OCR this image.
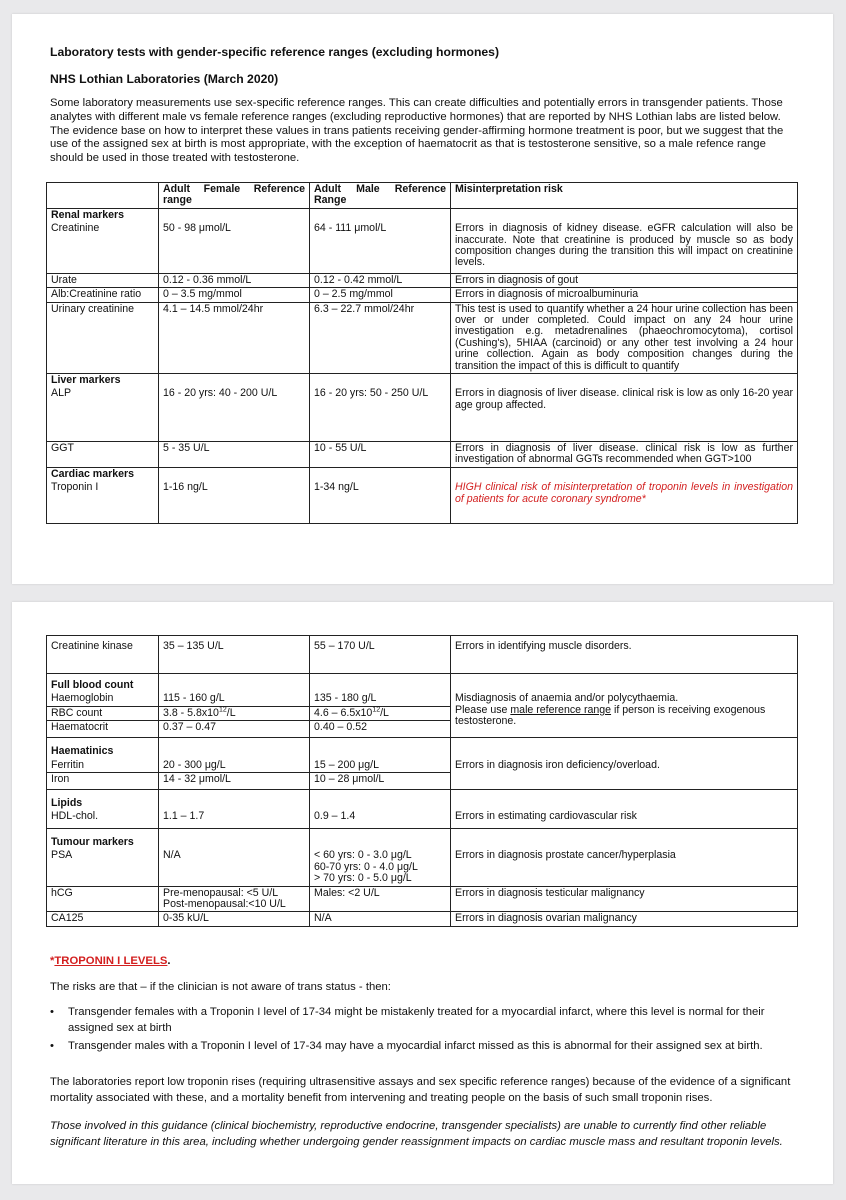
Laboratory tests with gender-specific reference ranges (excluding hormones)
NHS Lothian Laboratories (March 2020)
Some laboratory measurements use sex-specific reference ranges. This can create difficulties and potentially errors in transgender patients. Those analytes with different male vs female reference ranges (excluding reproductive hormones) that are reported by NHS Lothian labs are listed below. The evidence base on how to interpret these values in trans patients receiving gender-affirming hormone treatment is poor, but we suggest that the use of the assigned sex at birth is most appropriate, with the exception of haematocrit as that is testosterone sensitive, so a male refence range should be used in those treated with testosterone.
	Adult Female Reference range	Adult Male Reference Range	Misinterpretation risk
Renal markers			
Creatinine	50 - 98 μmol/L	64 - 111 μmol/L	Errors in diagnosis of kidney disease. eGFR calculation will also be inaccurate. Note that creatinine is produced by muscle so as body composition changes during the transition this will impact on creatinine levels.
Urate	0.12 - 0.36 mmol/L	0.12 - 0.42 mmol/L	Errors in diagnosis of gout
Alb:Creatinine ratio	0 – 3.5 mg/mmol	0 – 2.5 mg/mmol	Errors in diagnosis of microalbuminuria
Urinary creatinine	4.1 – 14.5 mmol/24hr	6.3 – 22.7 mmol/24hr	This test is used to quantify whether a 24 hour urine collection has been over or under completed. Could impact on any 24 hour urine investigation e.g. metadrenalines (phaeochromocytoma), cortisol (Cushing's), 5HIAA (carcinoid) or any other test involving a 24 hour urine collection. Again as body composition changes during the transition the impact of this is difficult to quantify
Liver markers			
ALP	16 - 20 yrs: 40 - 200 U/L	16 - 20 yrs: 50 - 250 U/L	Errors in diagnosis of liver disease. clinical risk is low as only 16-20 year age group affected.
GGT	5 - 35 U/L	10 - 55 U/L	Errors in diagnosis of liver disease. clinical risk is low as further investigation of abnormal GGTs recommended when GGT>100
Cardiac markers			
Troponin I	1-16 ng/L	1-34 ng/L	HIGH clinical risk of misinterpretation of troponin levels in investigation of patients for acute coronary syndrome*
Creatinine kinase	35 – 135 U/L	55 – 170 U/L	Errors in identifying muscle disorders.
Full blood count			
Haemoglobin	115 - 160 g/L	135 - 180 g/L	Misdiagnosis of anaemia and/or polycythaemia.
Please use male reference range if person is receiving exogenous testosterone.
RBC count	$3.8 - 5.8x10^{12}/L$	$4.6 - 6.5x10^{12}/L$	
Haematocrit	0.37 – 0.47	0.40 – 0.52	
Haematinics			
Ferritin	20 - 300 μg/L	15 – 200 μg/L	Errors in diagnosis iron deficiency/overload.
Iron	14 - 32 μmol/L	10 – 28 μmol/L	
Lipids			
HDL-chol.	1.1 – 1.7	0.9 – 1.4	Errors in estimating cardiovascular risk
Tumour markers			
PSA	N/A	< 60 yrs: 0 - 3.0 μg/L
60-70 yrs: 0 - 4.0 μg/L
> 70 yrs: 0 - 5.0 μg/L	Errors in diagnosis prostate cancer/hyperplasia
hCG	Pre-menopausal: <5 U/L
Post-menopausal:<10 U/L	Males: <2 U/L	Errors in diagnosis testicular malignancy
CA125	0-35 kU/L	N/A	Errors in diagnosis ovarian malignancy
*TROPONIN I LEVELS.
The risks are that – if the clinician is not aware of trans status - then:
• Transgender females with a Troponin I level of 17-34 might be mistakenly treated for a myocardial infarct, where this level is normal for their assigned sex at birth
• Transgender males with a Troponin I level of 17-34 may have a myocardial infarct missed as this is abnormal for their assigned sex at birth.
The laboratories report low troponin rises (requiring ultrasensitive assays and sex specific reference ranges) because of the evidence of a significant mortality associated with these, and a mortality benefit from intervening and treating people on the basis of such small troponin rises.
Those involved in this guidance (clinical biochemistry, reproductive endocrine, transgender specialists) are unable to currently find other reliable significant literature in this area, including whether undergoing gender reassignment impacts on cardiac muscle mass and resultant troponin levels.
